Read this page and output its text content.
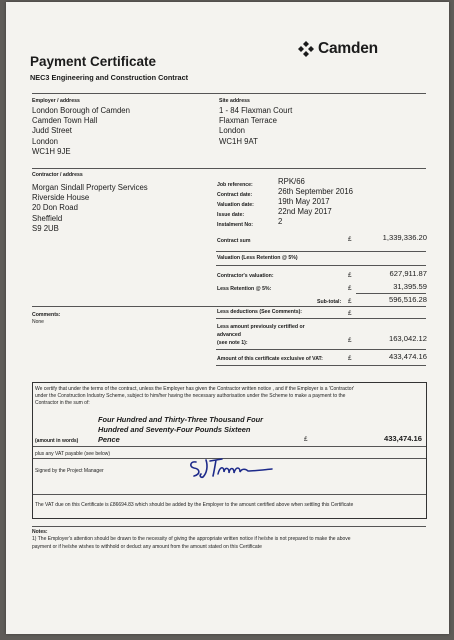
Payment Certificate
NEC3 Engineering and Construction Contract
Camden
Employer / address
London Borough of Camden
Camden Town Hall
Judd Street
London
WC1H 9JE
Site address
1 - 84 Flaxman Court
Flaxman Terrace
London
WC1H 9AT
Contractor / address
Morgan Sindall Property Services
Riverside House
20 Don Road
Sheffield
S9 2UB
Job reference:	RPK/66
Contract date:	26th September 2016
Valuation date:	19th May 2017
Issue date:	22nd May 2017
Instalment No:	2
Contract sum	£	1,339,336.20
Valuation (Less Retention @ 5%)
Contractor's valuation:	£	627,911.87
Less Retention @ 5%:	£	31,395.59
Sub-total: £	596,516.28
Comments:
None
Less deductions (See Comments):	£
Less amount previously certified or
advanced
(see note 1):	£	163,042.12
Amount of this certificate exclusive of VAT:	£	433,474.16
We certify that under the terms of the contract, unless the Employer has given the Contractor written notice , and if the Employer is a 'Contractor'
under the Construction Industry Scheme, subject to him/her having the necessary authorisation under the Scheme to make a payment to the
Contractor in the sum of:
Four Hundred and Thirty-Three Thousand Four
Hundred and Seventy-Four Pounds Sixteen
Pence
(amount in words)	£	433,474.16
plus any VAT payable (see below)
Signed by the Project Manager
The VAT due on this Certificate is £86694.83 which should be added by the Employer to the amount certified above when settling this Certificate
Notes:
1) The Employer's attention should be drawn to the necessity of giving the appropriate written notice if he/she is not prepared to make the above
payment or if he/she wishes to withhold or deduct any amount from the amount stated on this Certificate
